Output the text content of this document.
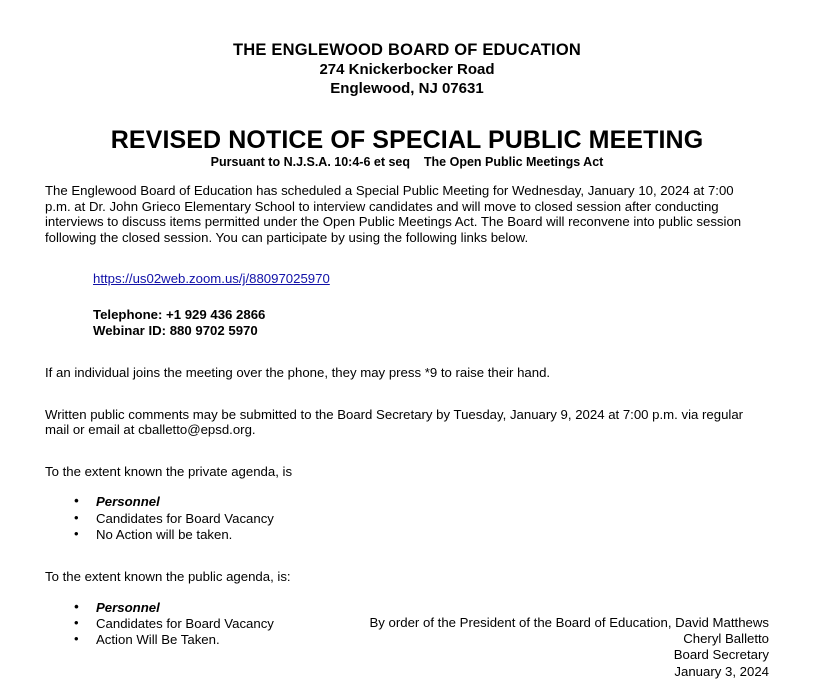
THE ENGLEWOOD BOARD OF EDUCATION
274 Knickerbocker Road
Englewood, NJ 07631
REVISED NOTICE OF SPECIAL PUBLIC MEETING
Pursuant to N.J.S.A. 10:4-6 et seq    The Open Public Meetings Act

The Englewood Board of Education has scheduled a Special Public Meeting for Wednesday, January 10, 2024 at 7:00 p.m. at Dr. John Grieco Elementary School to interview candidates and will move to closed session after conducting interviews to discuss items permitted under the Open Public Meetings Act. The Board will reconvene into public session following the closed session. You can participate by using the following links below.

https://us02web.zoom.us/j/88097025970
Telephone: +1 929 436 2866
Webinar ID: 880 9702 5970

If an individual joins the meeting over the phone, they may press *9 to raise their hand.

Written public comments may be submitted to the Board Secretary by Tuesday, January 9, 2024 at 7:00 p.m. via regular mail or email at cballetto@epsd.org.

To the extent known the private agenda, is

• Personnel
• Candidates for Board Vacancy
• No Action will be taken.

To the extent known the public agenda, is:

• Personnel
• Candidates for Board Vacancy
• Action Will Be Taken.
By order of the President of the Board of Education, David Matthews
Cheryl Balletto
Board Secretary
January 3, 2024
